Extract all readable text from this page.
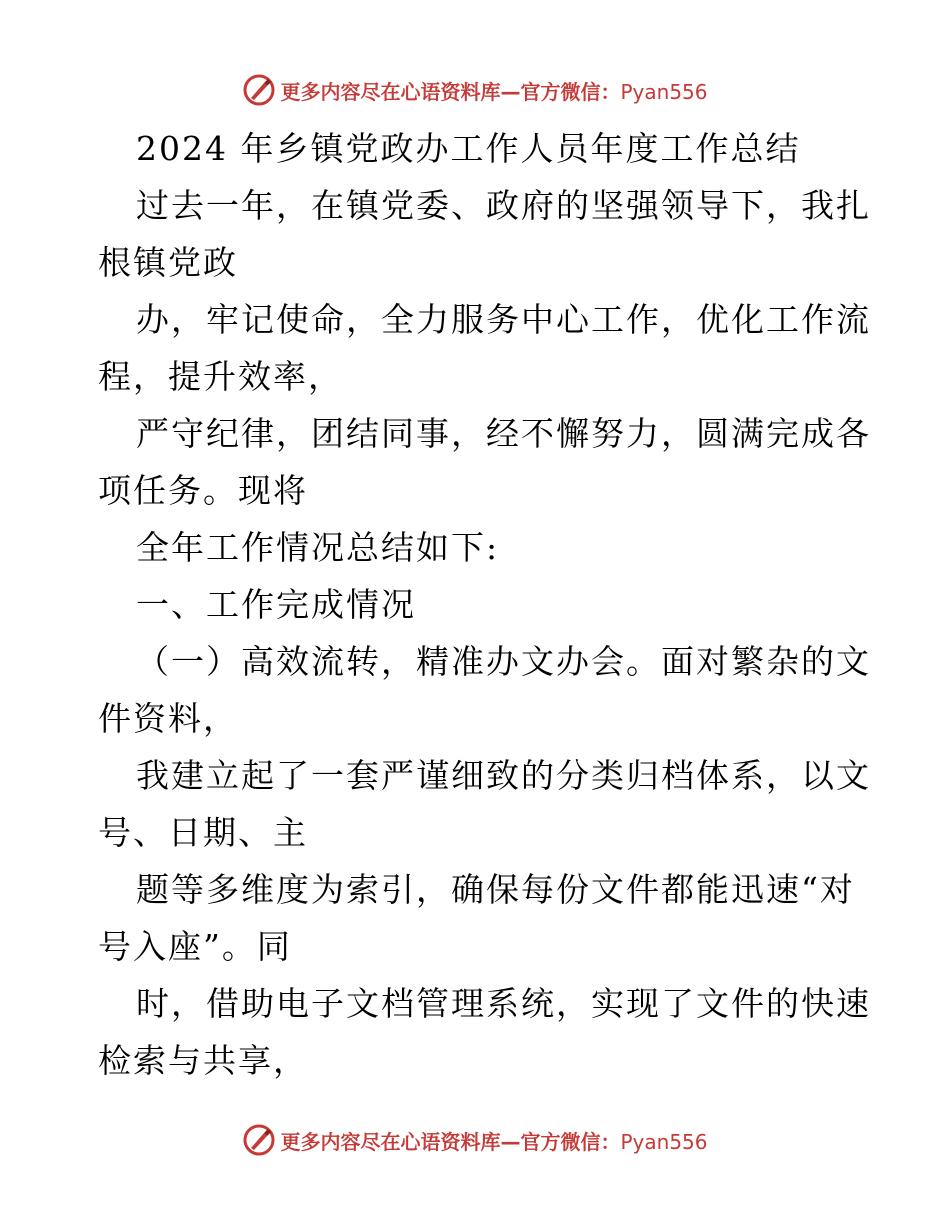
更多内容尽在心语资料库—官方微信：Pyan556
2024 年乡镇党政办工作人员年度工作总结
过去一年，在镇党委、政府的坚强领导下，我扎
根镇党政
办，牢记使命，全力服务中心工作，优化工作流
程，提升效率，
严守纪律，团结同事，经不懈努力，圆满完成各
项任务。现将
全年工作情况总结如下:
一、工作完成情况
（一）高效流转，精准办文办会。面对繁杂的文
件资料，
我建立起了一套严谨细致的分类归档体系，以文
号、日期、主
题等多维度为索引，确保每份文件都能迅速“对
号入座”。同
时，借助电子文档管理系统，实现了文件的快速
检索与共享，
更多内容尽在心语资料库—官方微信：Pyan556
